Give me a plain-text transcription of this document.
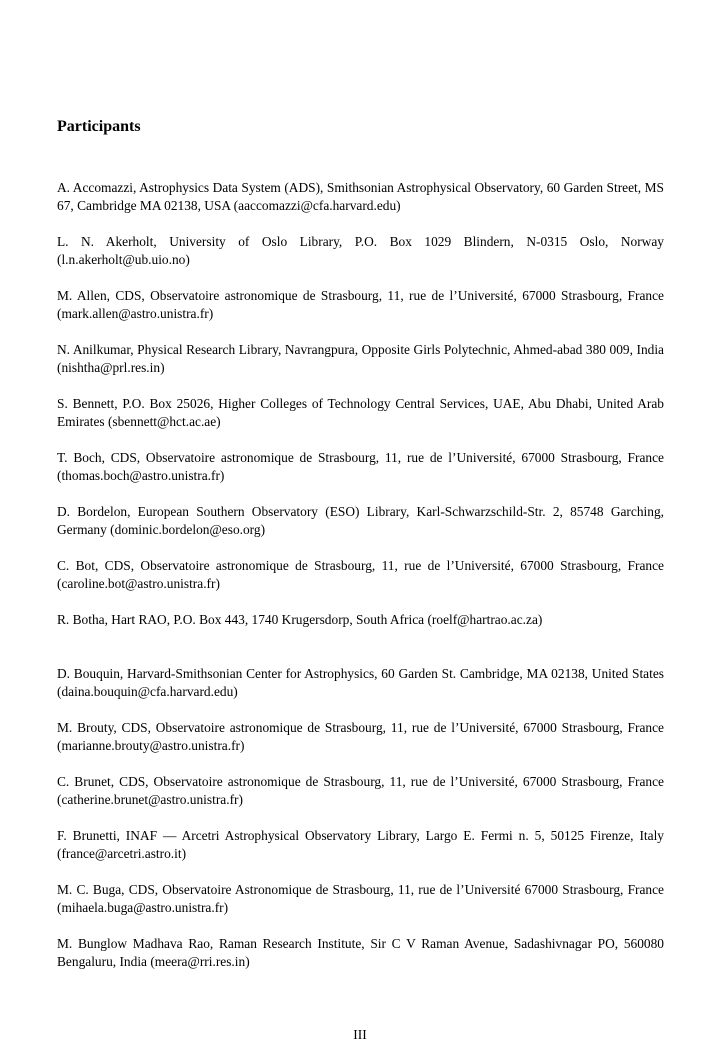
Participants
A. Accomazzi, Astrophysics Data System (ADS), Smithsonian Astrophysical Observatory, 60 Garden Street, MS 67, Cambridge MA 02138, USA (aaccomazzi@cfa.harvard.edu)
L. N. Akerholt, University of Oslo Library, P.O. Box 1029 Blindern, N-0315 Oslo, Norway (l.n.akerholt@ub.uio.no)
M. Allen, CDS, Observatoire astronomique de Strasbourg, 11, rue de l’Université, 67000 Strasbourg, France (mark.allen@astro.unistra.fr)
N. Anilkumar, Physical Research Library, Navrangpura, Opposite Girls Polytechnic, Ahmed-abad 380 009, India (nishtha@prl.res.in)
S. Bennett, P.O. Box 25026, Higher Colleges of Technology Central Services, UAE, Abu Dhabi, United Arab Emirates (sbennett@hct.ac.ae)
T. Boch, CDS, Observatoire astronomique de Strasbourg, 11, rue de l’Université, 67000 Strasbourg, France (thomas.boch@astro.unistra.fr)
D. Bordelon, European Southern Observatory (ESO) Library, Karl-Schwarzschild-Str. 2, 85748 Garching, Germany (dominic.bordelon@eso.org)
C. Bot, CDS, Observatoire astronomique de Strasbourg, 11, rue de l’Université, 67000 Strasbourg, France (caroline.bot@astro.unistra.fr)
R. Botha, Hart RAO, P.O. Box 443, 1740 Krugersdorp, South Africa (roelf@hartrao.ac.za)
D. Bouquin, Harvard-Smithsonian Center for Astrophysics, 60 Garden St. Cambridge, MA 02138, United States (daina.bouquin@cfa.harvard.edu)
M. Brouty, CDS, Observatoire astronomique de Strasbourg, 11, rue de l’Université, 67000 Strasbourg, France (marianne.brouty@astro.unistra.fr)
C. Brunet, CDS, Observatoire astronomique de Strasbourg, 11, rue de l’Université, 67000 Strasbourg, France (catherine.brunet@astro.unistra.fr)
F. Brunetti, INAF — Arcetri Astrophysical Observatory Library, Largo E. Fermi n. 5, 50125 Firenze, Italy (france@arcetri.astro.it)
M. C. Buga, CDS, Observatoire Astronomique de Strasbourg, 11, rue de l’Université 67000 Strasbourg, France (mihaela.buga@astro.unistra.fr)
M. Bunglow Madhava Rao, Raman Research Institute, Sir C V Raman Avenue, Sadashivnagar PO, 560080 Bengaluru, India (meera@rri.res.in)
III
